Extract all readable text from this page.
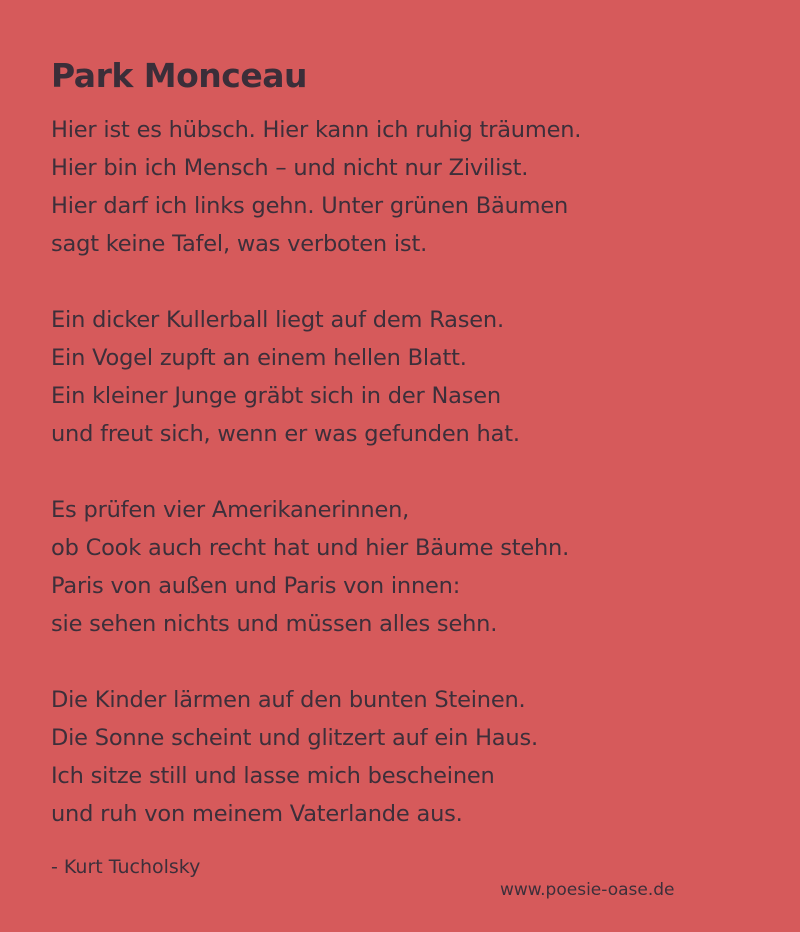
Park Monceau
Hier ist es hübsch. Hier kann ich ruhig träumen.
Hier bin ich Mensch – und nicht nur Zivilist.
Hier darf ich links gehn. Unter grünen Bäumen
sagt keine Tafel, was verboten ist.
Ein dicker Kullerball liegt auf dem Rasen.
Ein Vogel zupft an einem hellen Blatt.
Ein kleiner Junge gräbt sich in der Nasen
und freut sich, wenn er was gefunden hat.
Es prüfen vier Amerikanerinnen,
ob Cook auch recht hat und hier Bäume stehn.
Paris von außen und Paris von innen:
sie sehen nichts und müssen alles sehn.
Die Kinder lärmen auf den bunten Steinen.
Die Sonne scheint und glitzert auf ein Haus.
Ich sitze still und lasse mich bescheinen
und ruh von meinem Vaterlande aus.
- Kurt Tucholsky
www.poesie-oase.de
